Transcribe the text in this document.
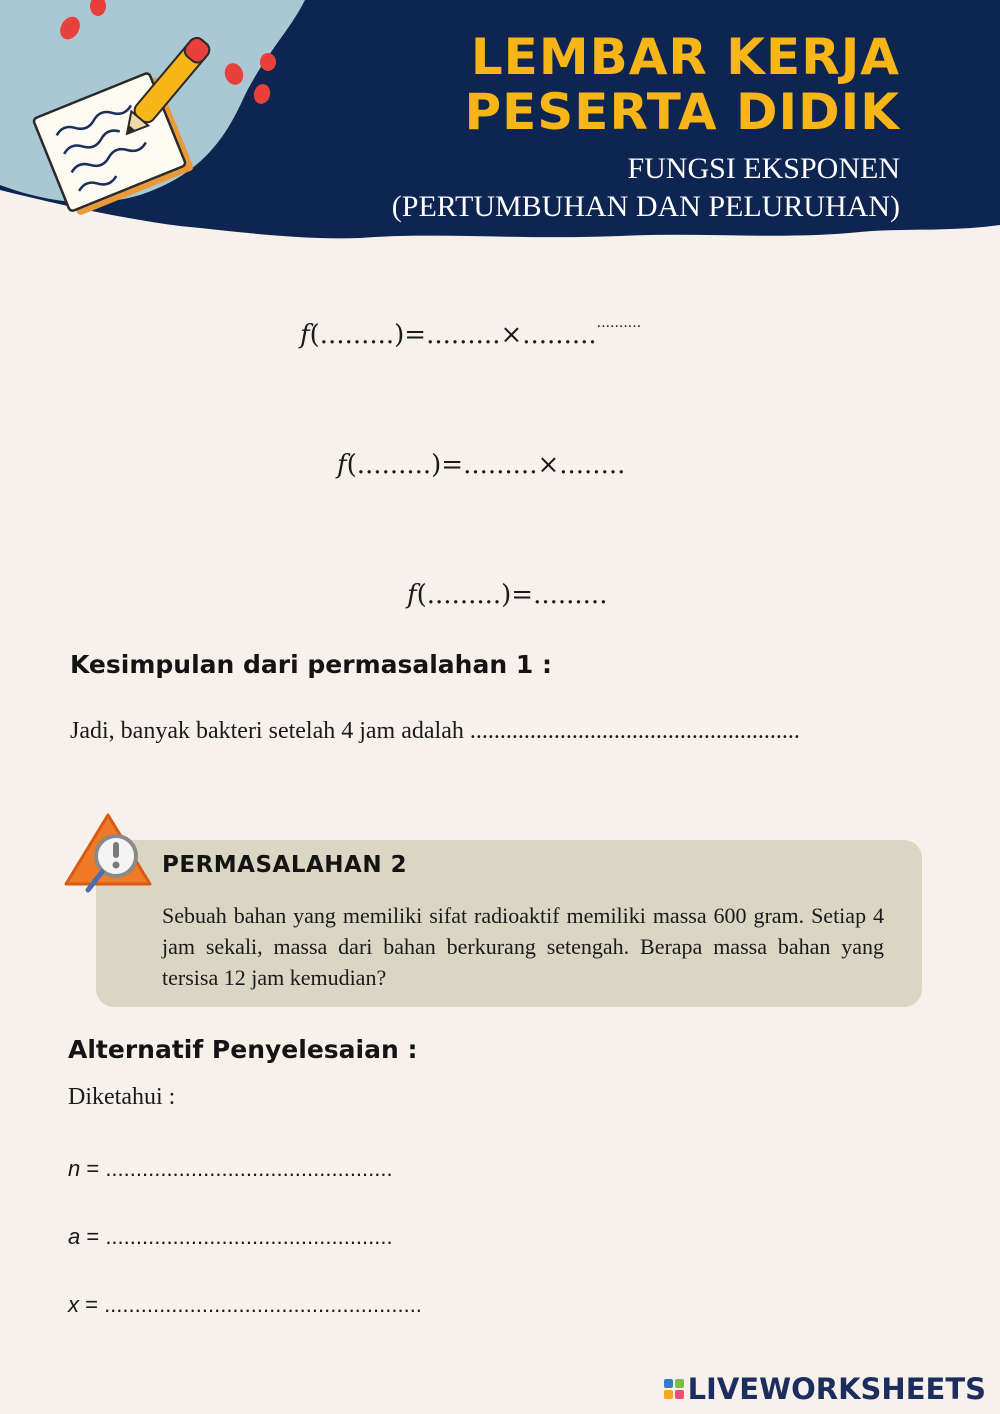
LEMBAR KERJA
PESERTA DIDIK
FUNGSI EKSPONEN
(PERTUMBUHAN DAN PELURUHAN)
f(.........)=.........×...................
f(.........)=.........×........
f(.........)=.........
Kesimpulan dari permasalahan 1 :
Jadi, banyak bakteri setelah 4 jam adalah .......................................................
PERMASALAHAN 2
Sebuah bahan yang memiliki sifat radioaktif memiliki massa 600 gram. Setiap 4 jam sekali, massa dari bahan berkurang setengah. Berapa massa bahan yang tersisa 12 jam kemudian?
Alternatif Penyelesaian :
Diketahui :
n = ...............................................
a = ...............................................
x = ....................................................
LIVEWORKSHEETS
